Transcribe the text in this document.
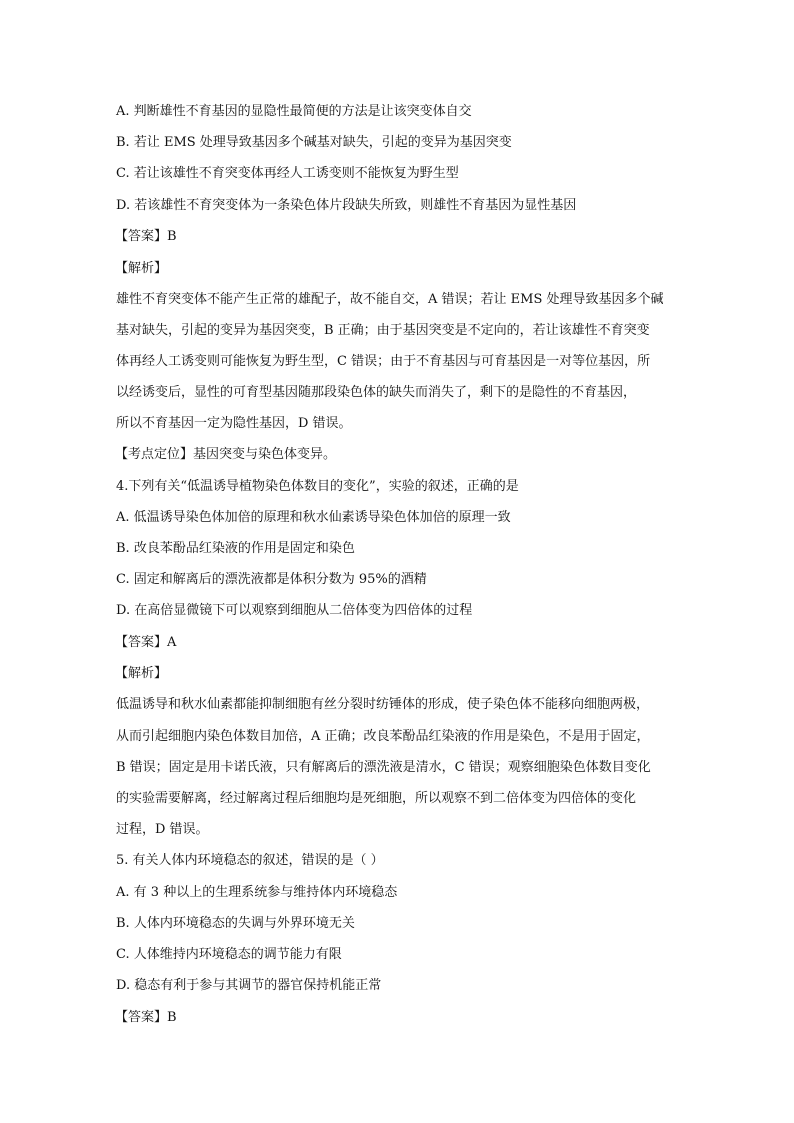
A. 判断雄性不育基因的显隐性最简便的方法是让该突变体自交
B. 若让 EMS 处理导致基因多个碱基对缺失，引起的变异为基因突变
C. 若让该雄性不育突变体再经人工诱变则不能恢复为野生型
D. 若该雄性不育突变体为一条染色体片段缺失所致，则雄性不育基因为显性基因
【答案】B
【解析】
雄性不育突变体不能产生正常的雄配子，故不能自交，A 错误；若让 EMS 处理导致基因多个碱
基对缺失，引起的变异为基因突变，B 正确；由于基因突变是不定向的，若让该雄性不育突变
体再经人工诱变则可能恢复为野生型，C 错误；由于不育基因与可育基因是一对等位基因，所
以经诱变后，显性的可育型基因随那段染色体的缺失而消失了，剩下的是隐性的不育基因，
所以不育基因一定为隐性基因，D 错误。
【考点定位】基因突变与染色体变异。
4.下列有关“低温诱导植物染色体数目的变化”，实验的叙述，正确的是
A. 低温诱导染色体加倍的原理和秋水仙素诱导染色体加倍的原理一致
B. 改良苯酚品红染液的作用是固定和染色
C. 固定和解离后的漂洗液都是体积分数为 95%的酒精
D. 在高倍显微镜下可以观察到细胞从二倍体变为四倍体的过程
【答案】A
【解析】
低温诱导和秋水仙素都能抑制细胞有丝分裂时纺锤体的形成，使子染色体不能移向细胞两极，
从而引起细胞内染色体数目加倍，A 正确；改良苯酚品红染液的作用是染色，不是用于固定，
B 错误；固定是用卡诺氏液，只有解离后的漂洗液是清水，C 错误；观察细胞染色体数目变化
的实验需要解离，经过解离过程后细胞均是死细胞，所以观察不到二倍体变为四倍体的变化
过程，D 错误。
5. 有关人体内环境稳态的叙述，错误的是（ ）
A. 有 3 种以上的生理系统参与维持体内环境稳态
B. 人体内环境稳态的失调与外界环境无关
C. 人体维持内环境稳态的调节能力有限
D. 稳态有利于参与其调节的器官保持机能正常
【答案】B
